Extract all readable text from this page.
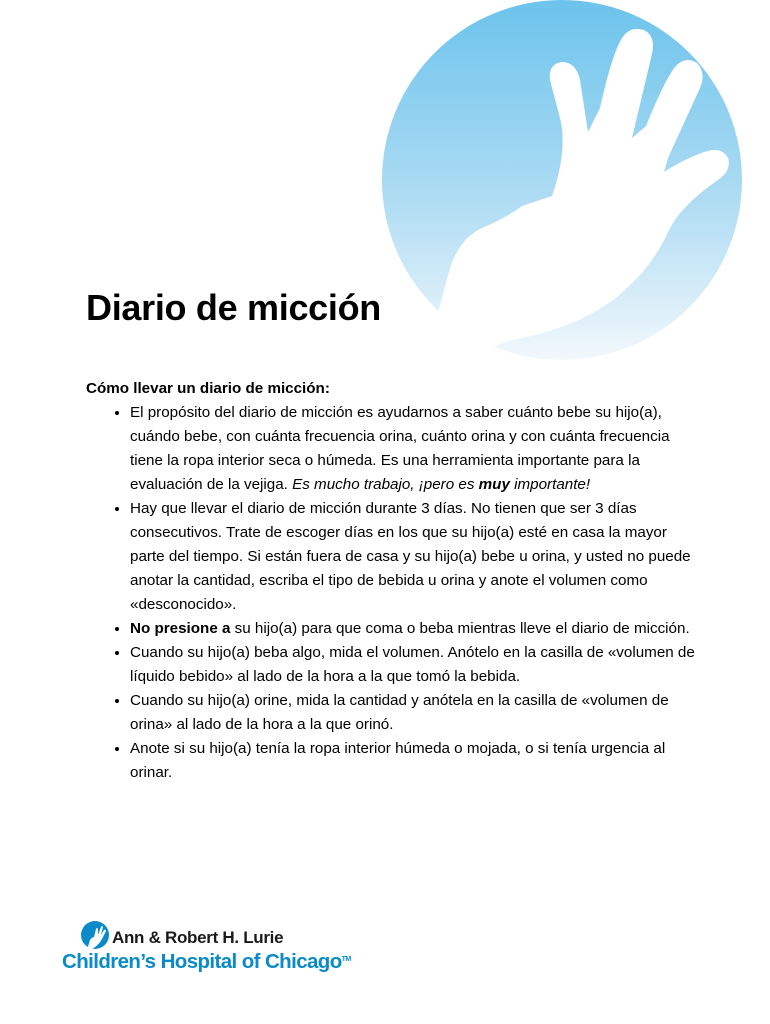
Diario de micción

Cómo llevar un diario de micción:

• El propósito del diario de micción es ayudarnos a saber cuánto bebe su hijo(a), cuándo bebe, con cuánta frecuencia orina, cuánto orina y con cuánta frecuencia tiene la ropa interior seca o húmeda. Es una herramienta importante para la evaluación de la vejiga. Es mucho trabajo, ¡pero es muy importante!
• Hay que llevar el diario de micción durante 3 días. No tienen que ser 3 días consecutivos. Trate de escoger días en los que su hijo(a) esté en casa la mayor parte del tiempo. Si están fuera de casa y su hijo(a) bebe u orina, y usted no puede anotar la cantidad, escriba el tipo de bebida u orina y anote el volumen como «desconocido».
• No presione a su hijo(a) para que coma o beba mientras lleve el diario de micción.
• Cuando su hijo(a) beba algo, mida el volumen. Anótelo en la casilla de «volumen de líquido bebido» al lado de la hora a la que tomó la bebida.
• Cuando su hijo(a) orine, mida la cantidad y anótela en la casilla de «volumen de orina» al lado de la hora a la que orinó.
• Anote si su hijo(a) tenía la ropa interior húmeda o mojada, o si tenía urgencia al orinar.
Ann & Robert H. Lurie
Children’s Hospital of Chicago™
